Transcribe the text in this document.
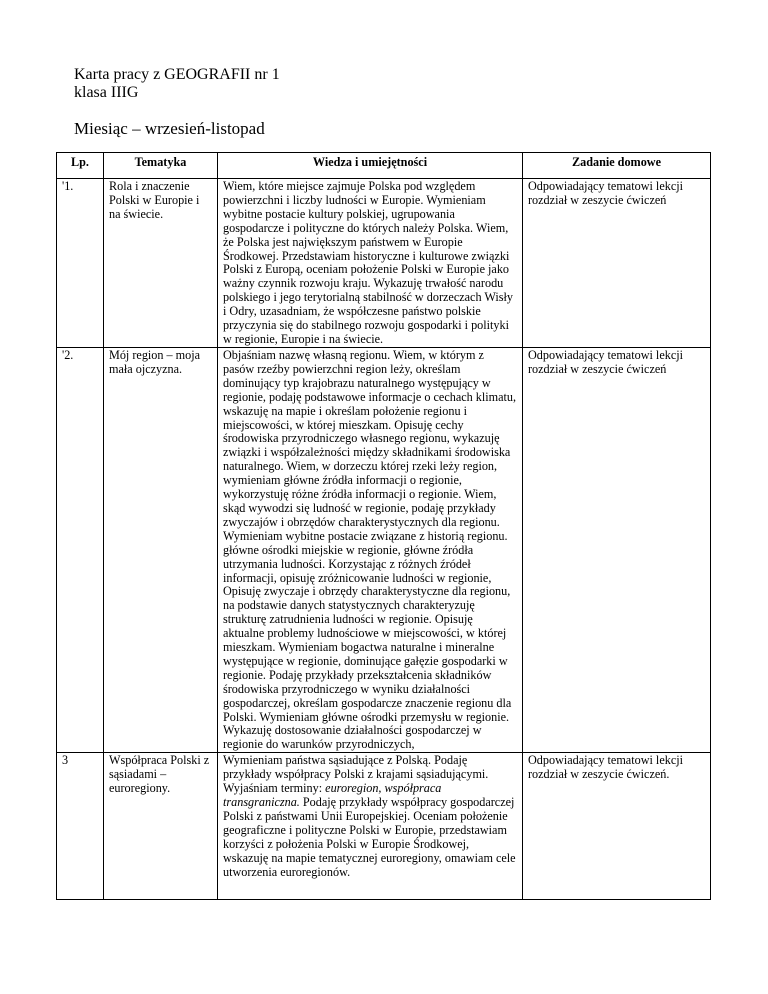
Karta pracy z GEOGRAFII nr 1
klasa IIIG
Miesiąc – wrzesień-listopad
Lp.	Tematyka	Wiedza i umiejętności	Zadanie domowe
'1.	Rola i znaczenie Polski w Europie i na świecie.	Wiem, które miejsce zajmuje Polska pod względem powierzchni i liczby ludności w Europie. Wymieniam wybitne postacie kultury polskiej, ugrupowania gospodarcze i polityczne do których należy Polska. Wiem, że Polska jest największym państwem w Europie Środkowej. Przedstawiam historyczne i kulturowe związki Polski z Europą, oceniam położenie Polski w Europie jako ważny czynnik rozwoju kraju. Wykazuję trwałość narodu polskiego i jego terytorialną stabilność w dorzeczach Wisły i Odry, uzasadniam, że współczesne państwo polskie przyczynia się do stabilnego rozwoju gospodarki i polityki w regionie, Europie i na świecie.	Odpowiadający tematowi lekcji rozdział w zeszycie ćwiczeń
'2.	Mój region – moja mała ojczyzna.	Objaśniam nazwę własną regionu. Wiem, w którym z pasów rzeźby powierzchni region leży, określam dominujący typ krajobrazu naturalnego występujący w regionie, podaję podstawowe informacje o cechach klimatu, wskazuję na mapie i określam położenie regionu i miejscowości, w której mieszkam. Opisuję cechy środowiska przyrodniczego własnego regionu, wykazuję związki i współzależności między składnikami środowiska naturalnego. Wiem, w dorzeczu której rzeki leży region, wymieniam główne źródła informacji o regionie, wykorzystuję różne źródła informacji o regionie. Wiem, skąd wywodzi się ludność w regionie, podaję przykłady zwyczajów i obrzędów charakterystycznych dla regionu. Wymieniam wybitne postacie związane z historią regionu. główne ośrodki miejskie w regionie, główne źródła utrzymania ludności. Korzystając z różnych źródeł informacji, opisuję zróżnicowanie ludności w regionie, Opisuję zwyczaje i obrzędy charakterystyczne dla regionu, na podstawie danych statystycznych charakteryzuję strukturę zatrudnienia ludności w regionie. Opisuję aktualne problemy ludnościowe w miejscowości, w której mieszkam. Wymieniam bogactwa naturalne i mineralne występujące w regionie, dominujące gałęzie gospodarki w regionie. Podaję przykłady przekształcenia składników środowiska przyrodniczego w wyniku działalności gospodarczej, określam gospodarcze znaczenie regionu dla Polski. Wymieniam główne ośrodki przemysłu w regionie. Wykazuję dostosowanie działalności gospodarczej w regionie do warunków przyrodniczych,	Odpowiadający tematowi lekcji rozdział w zeszycie ćwiczeń
3	Współpraca Polski z sąsiadami – euroregiony.	Wymieniam państwa sąsiadujące z Polską. Podaję przykłady współpracy Polski z krajami sąsiadującymi. Wyjaśniam terminy: euroregion, współpraca transgraniczna. Podaję przykłady współpracy gospodarczej Polski z państwami Unii Europejskiej. Oceniam położenie geograficzne i polityczne Polski w Europie, przedstawiam korzyści z położenia Polski w Europie Środkowej, wskazuję na mapie tematycznej euroregiony, omawiam cele utworzenia euroregionów.	Odpowiadający tematowi lekcji rozdział w zeszycie ćwiczeń.
